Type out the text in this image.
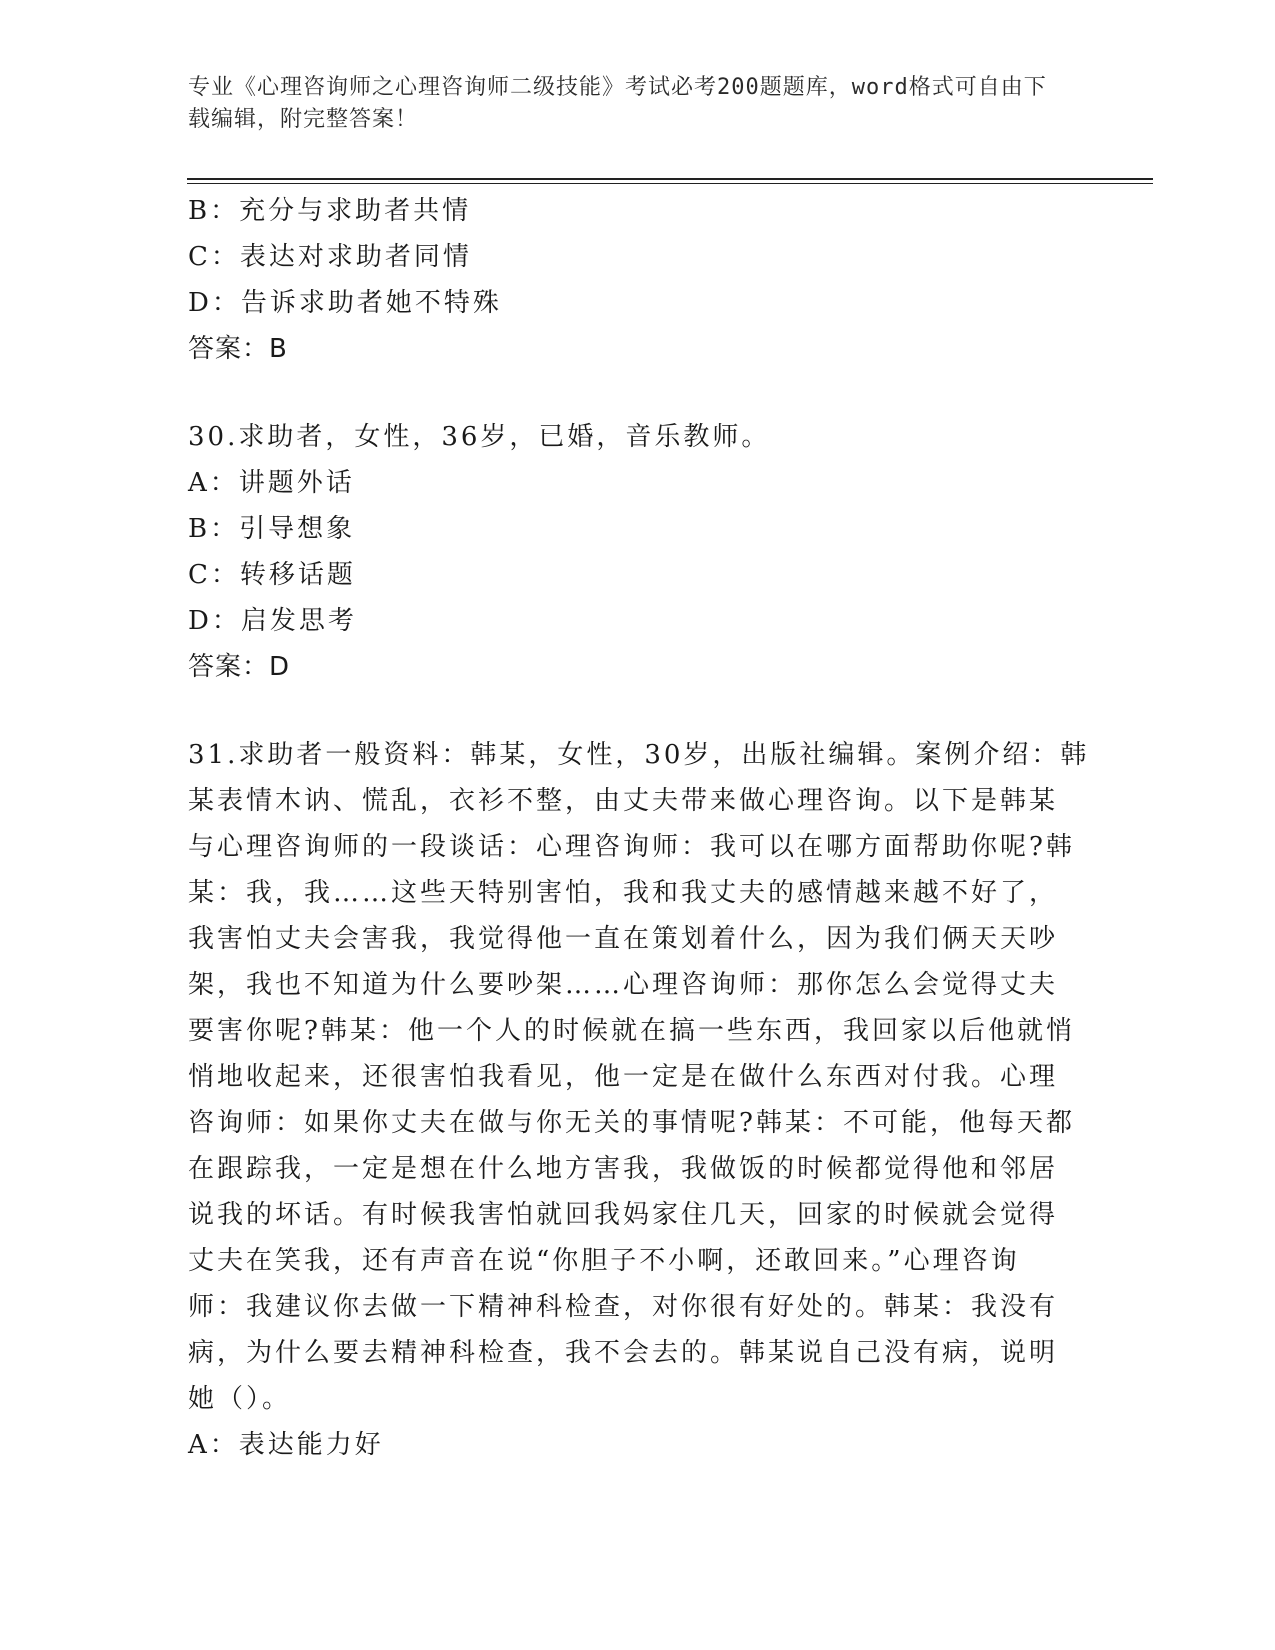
专业《心理咨询师之心理咨询师二级技能》考试必考200题题库，word格式可自由下载编辑，附完整答案！
B：充分与求助者共情
C：表达对求助者同情
D：告诉求助者她不特殊
答案：B
30.求助者，女性，36岁，已婚，音乐教师。
A：讲题外话
B：引导想象
C：转移话题
D：启发思考
答案：D
31.求助者一般资料：韩某，女性，30岁，出版社编辑。案例介绍：韩
某表情木讷、慌乱，衣衫不整，由丈夫带来做心理咨询。以下是韩某
与心理咨询师的一段谈话：心理咨询师：我可以在哪方面帮助你呢?韩
某：我，我……这些天特别害怕，我和我丈夫的感情越来越不好了，
我害怕丈夫会害我，我觉得他一直在策划着什么，因为我们俩天天吵
架，我也不知道为什么要吵架……心理咨询师：那你怎么会觉得丈夫
要害你呢?韩某：他一个人的时候就在搞一些东西，我回家以后他就悄
悄地收起来，还很害怕我看见，他一定是在做什么东西对付我。心理
咨询师：如果你丈夫在做与你无关的事情呢?韩某：不可能，他每天都
在跟踪我，一定是想在什么地方害我，我做饭的时候都觉得他和邻居
说我的坏话。有时候我害怕就回我妈家住几天，回家的时候就会觉得
丈夫在笑我，还有声音在说“你胆子不小啊，还敢回来。”心理咨询
师：我建议你去做一下精神科检查，对你很有好处的。韩某：我没有
病，为什么要去精神科检查，我不会去的。韩某说自己没有病，说明
她（）。
A：表达能力好
